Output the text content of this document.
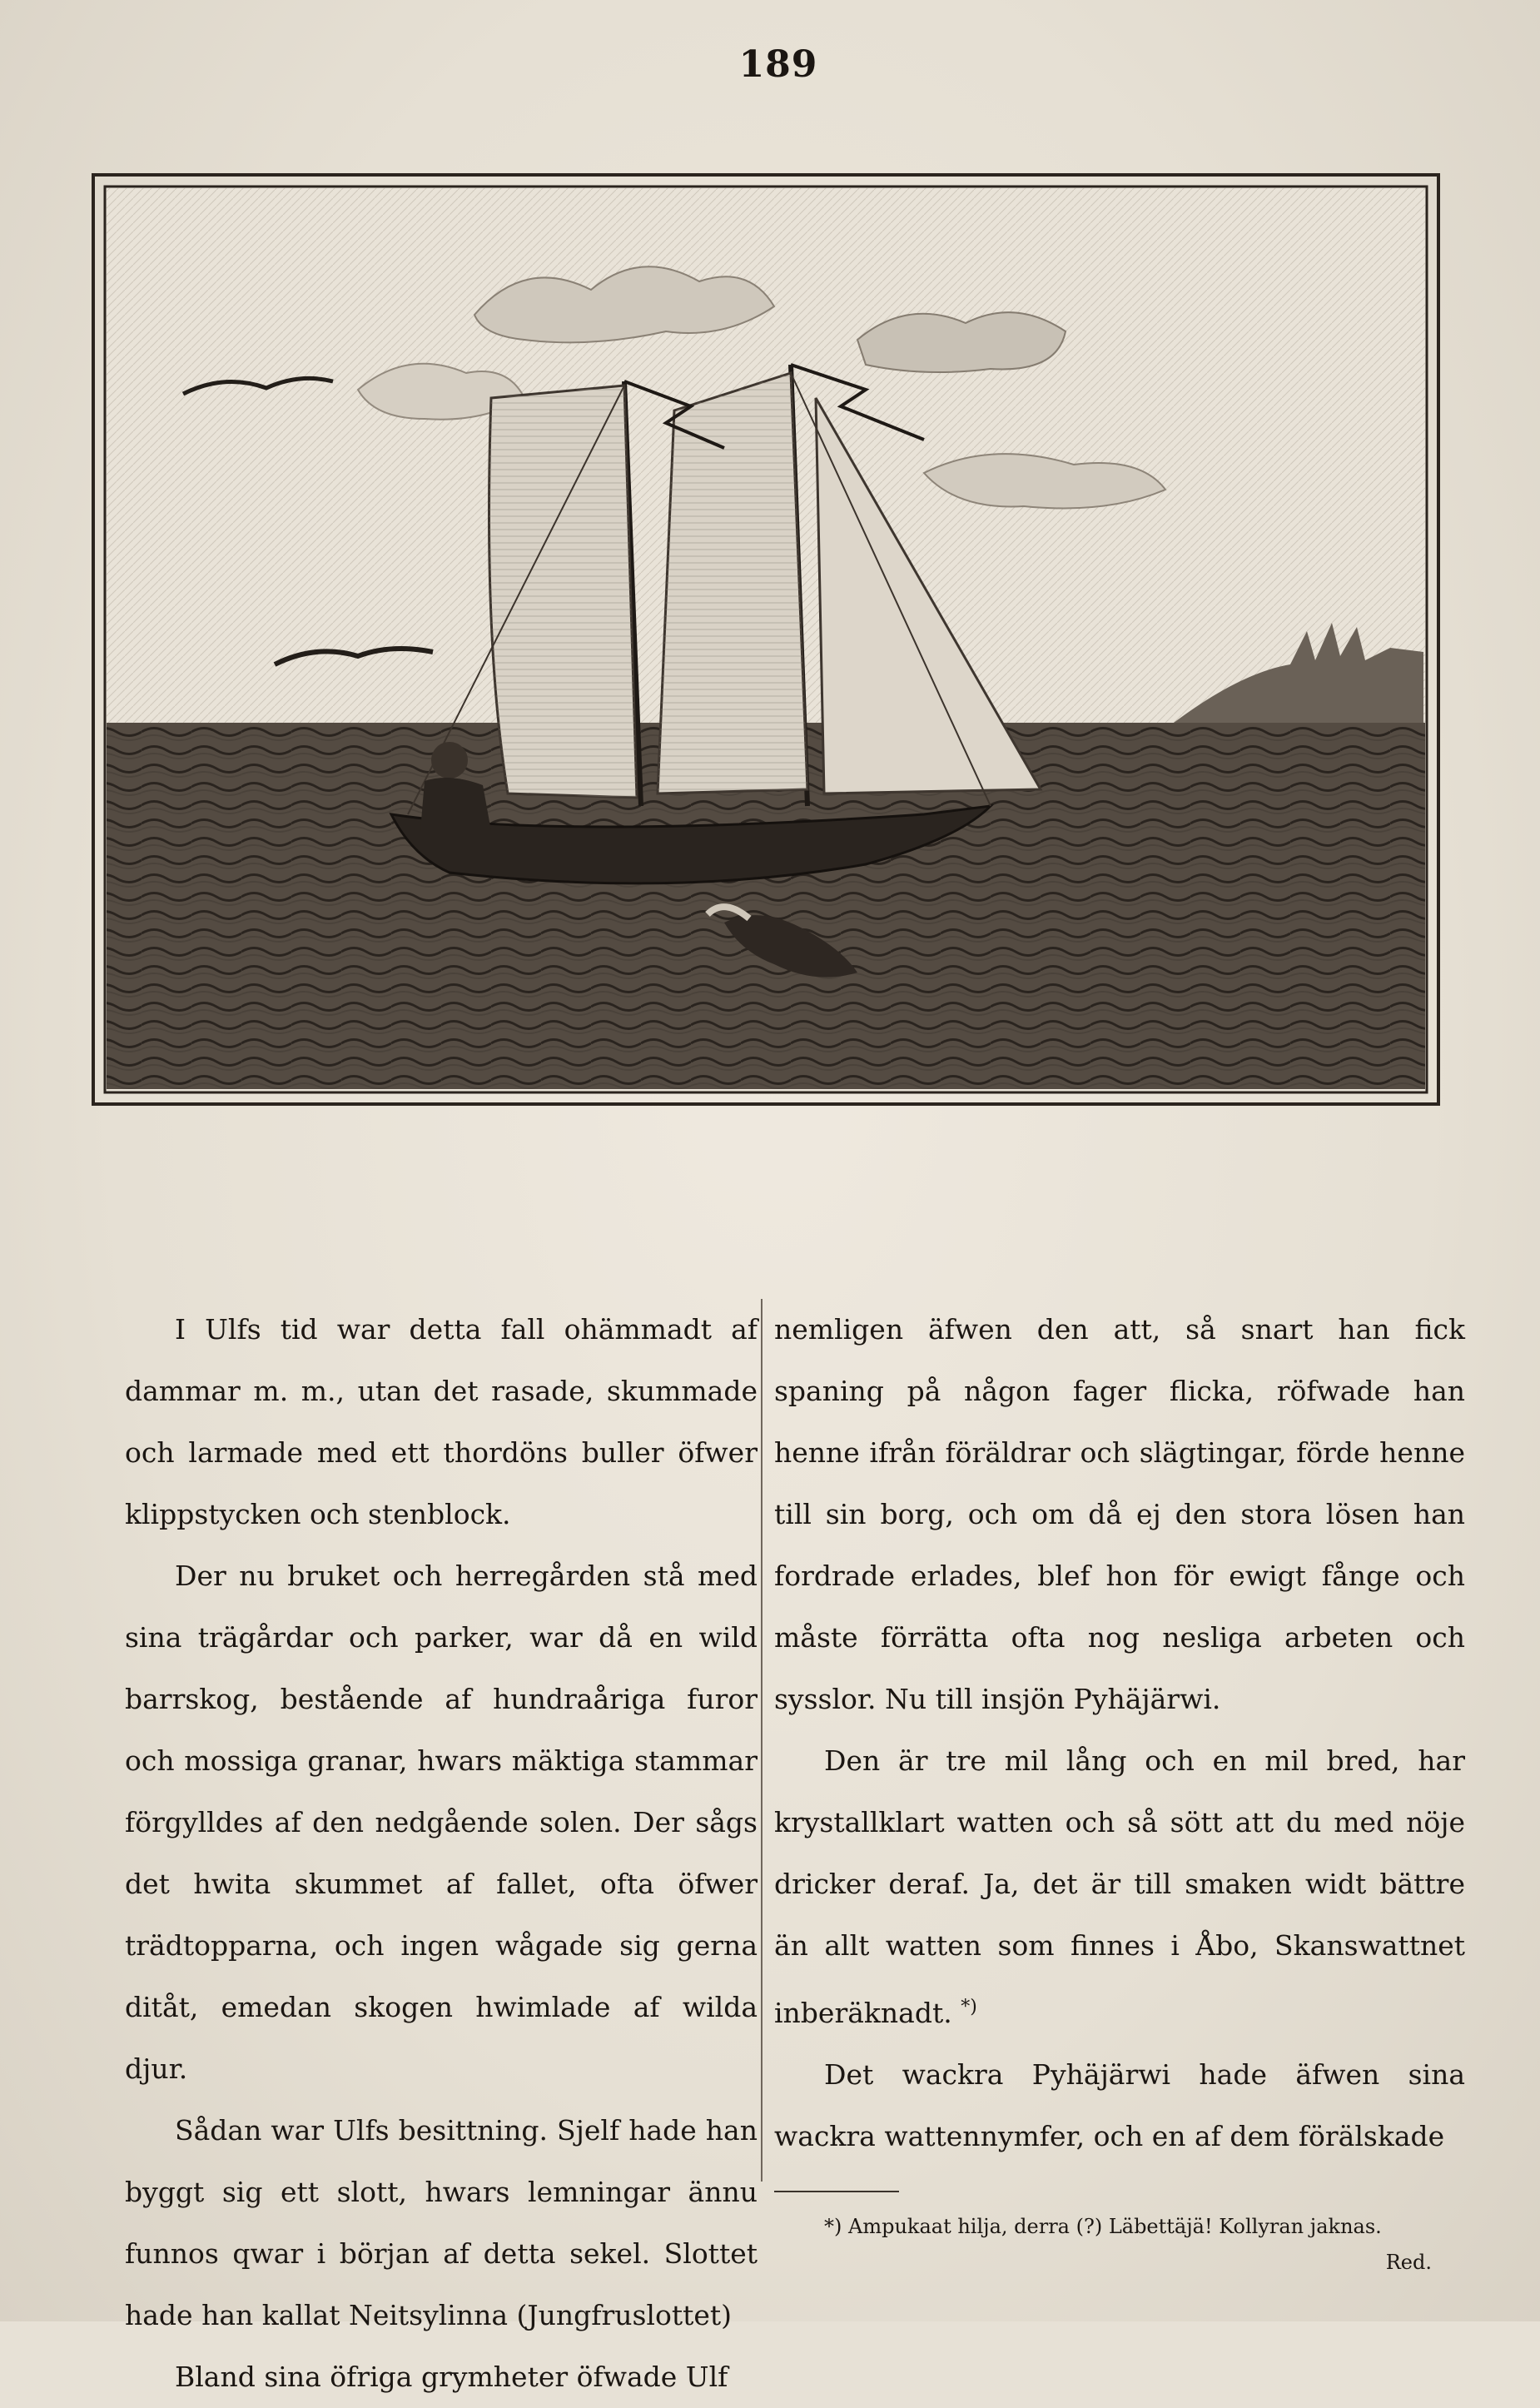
189

I Ulfs tid war detta fall ohämmadt af dammar m. m., utan det rasade, skummade och larmade med ett thordöns buller öfwer klippstycken och stenblock.

Der nu bruket och herregården stå med sina trägårdar och parker, war då en wild barrskog, bestående af hundraåriga furor och mossiga granar, hwars mäktiga stammar förgylldes af den nedgående solen. Der sågs det hwita skummet af fallet, ofta öfwer trädtopparna, och ingen wågade sig gerna ditåt, emedan skogen hwimlade af wilda djur.

Sådan war Ulfs besittning. Sjelf hade han byggt sig ett slott, hwars lemningar ännu funnos qwar i början af detta sekel. Slottet hade han kallat Neitsylinna (Jungfruslottet)

Bland sina öfriga grymheter öfwade Ulf

nemligen äfwen den att, så snart han fick spaning på någon fager flicka, röfwade han henne ifrån föräldrar och slägtingar, förde henne till sin borg, och om då ej den stora lösen han fordrade erlades, blef hon för ewigt fånge och måste förrätta ofta nog nesliga arbeten och sysslor. Nu till insjön Pyhäjärwi.

Den är tre mil lång och en mil bred, har krystallklart watten och så sött att du med nöje dricker deraf. Ja, det är till smaken widt bättre än allt watten som finnes i Åbo, Skanswattnet inberäknadt. *)

Det wackra Pyhäjärwi hade äfwen sina wackra wattennymfer, och en af dem förälskade

*) Ampukaat hilja, derra (?) Läbettäjä! Kollyran jaknas.

Red.
